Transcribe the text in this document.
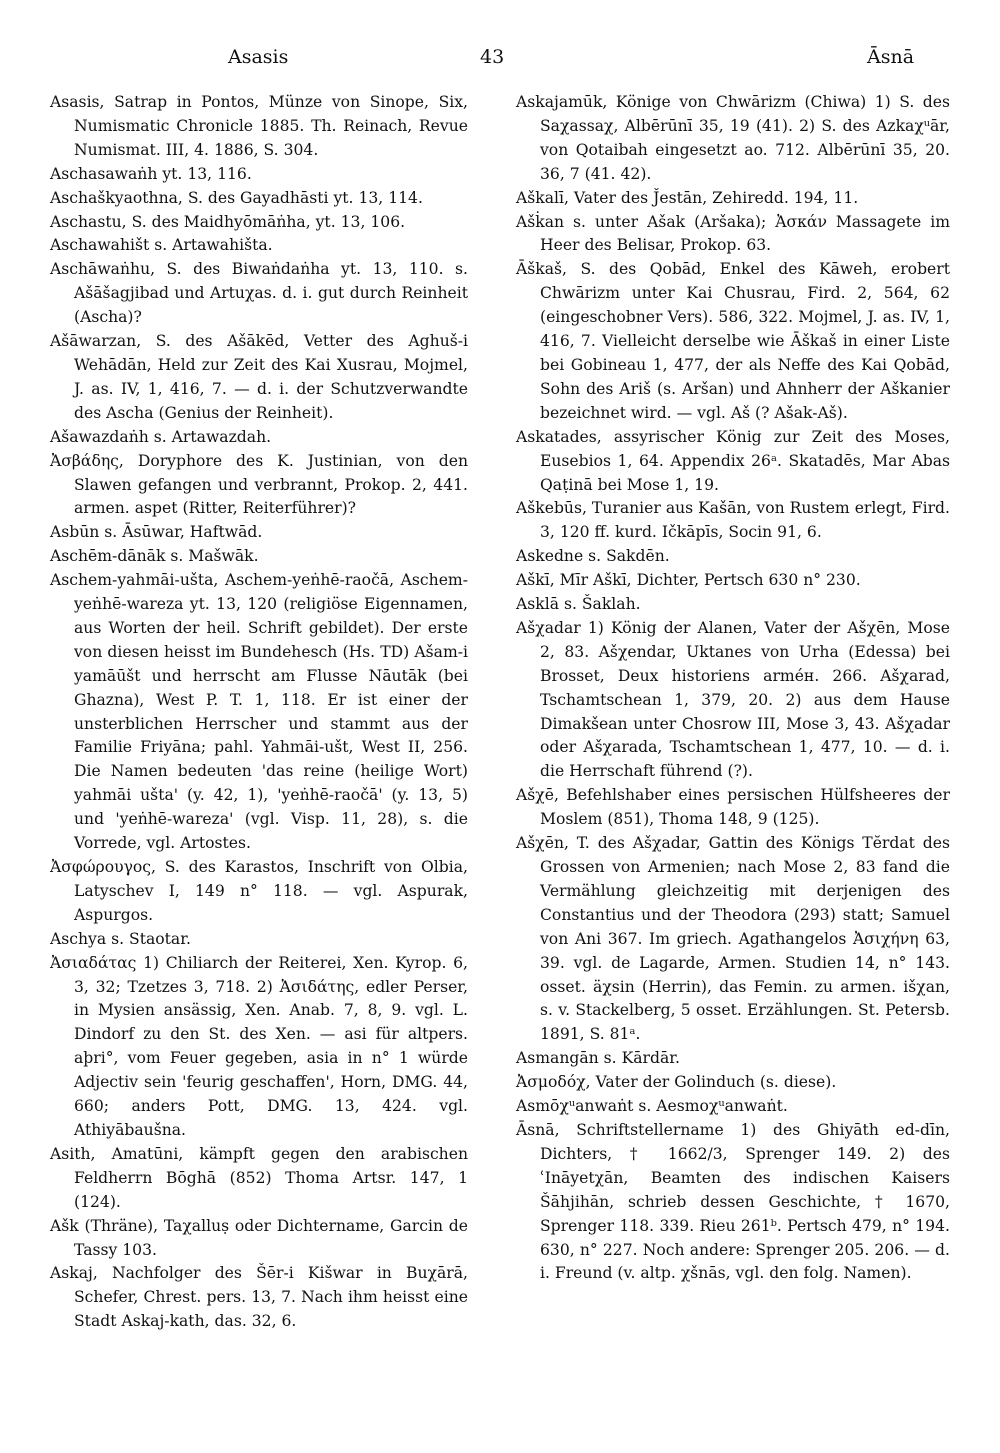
Asasis	43	Āsnā

Asasis, Satrap in Pontos, Münze von Sinope, Six, Numismatic Chronicle 1885. Th. Reinach, Revue Numismat. III, 4. 1886, S. 304.

Aschasawaṅh yt. 13, 116.

Aschaškyaothna, S. des Gayadhāsti yt. 13, 114.

Aschastu, S. des Maidhyōmāṅha, yt. 13, 106.

Aschawahišt s. Artawahišta.

Aschāwaṅhu, S. des Biwaṅdaṅha yt. 13, 110. s. Ašāšagjibad und Artuχas. d. i. gut durch Reinheit (Ascha)?

Ašāwarzan, S. des Ašākēd, Vetter des Aghuš-i Wehādān, Held zur Zeit des Kai Xusrau, Mojmel, J. as. IV, 1, 416, 7. — d. i. der Schutzverwandte des Ascha (Genius der Reinheit).

Ašawazdaṅh s. Artawazdah.

Ἀσβάδης, Doryphore des K. Justinian, von den Slawen gefangen und verbrannt, Prokop. 2, 441. armen. aspet (Ritter, Reiterführer)?

Asbūn s. Āsūwar, Haftwād.

Aschēm-dānāk s. Mašwāk.

Aschem-yahmāi-ušta, Aschem-yeṅhē-raočā, Aschem-yeṅhē-wareza yt. 13, 120 (religiöse Eigennamen, aus Worten der heil. Schrift gebildet). Der erste von diesen heisst im Bundehesch (Hs. TD) Ašam-i yamāūšt und herrscht am Flusse Nāutāk (bei Ghazna), West P. T. 1, 118. Er ist einer der unsterblichen Herrscher und stammt aus der Familie Friyāna; pahl. Yahmāi-ušt, West II, 256. Die Namen bedeuten 'das reine (heilige Wort) yahmāi ušta' (y. 42, 1), 'yeṅhē-raočā' (y. 13, 5) und 'yeṅhē-wareza' (vgl. Visp. 11, 28), s. die Vorrede, vgl. Artostes.

Ἀσφώρουγος, S. des Karastos, Inschrift von Olbia, Latyschev I, 149 n° 118. — vgl. Aspurak, Aspurgos.

Aschya s. Staotar.

Ἀσιαδάτας 1) Chiliarch der Reiterei, Xen. Kyrop. 6, 3, 32; Tzetzes 3, 718. 2) Ἀσιδάτης, edler Perser, in Mysien ansässig, Xen. Anab. 7, 8, 9. vgl. L. Dindorf zu den St. des Xen. — asi für altpers. aþri°, vom Feuer gegeben, asia in n° 1 würde Adjectiv sein 'feurig geschaffen', Horn, DMG. 44, 660; anders Pott, DMG. 13, 424. vgl. Athiyābaušna.

Asith, Amatūni, kämpft gegen den arabischen Feldherrn Bōghā (852) Thoma Artsr. 147, 1 (124).

Ašk (Thräne), Taχalluṣ oder Dichtername, Garcin de Tassy 103.

Askaj, Nachfolger des Šēr-i Kišwar in Buχārā, Schefer, Chrest. pers. 13, 7. Nach ihm heisst eine Stadt Askaj-kath, das. 32, 6.

Askajamūk, Könige von Chwārizm (Chiwa) 1) S. des Saχassaχ, Albērūnī 35, 19 (41). 2) S. des Azkaχᵘār, von Qotaibah eingesetzt ao. 712. Albērūnī 35, 20. 36, 7 (41. 42).

Aškalī, Vater des J̌estān, Zehiredd. 194, 11.

Ašk̇an s. unter Ašak (Aršaka); Ἀσκάν Massagete im Heer des Belisar, Prokop. 63.

Āškaš, S. des Qobād, Enkel des Kāweh, erobert Chwārizm unter Kai Chusrau, Fird. 2, 564, 62 (eingeschobner Vers). 586, 322. Mojmel, J. as. IV, 1, 416, 7. Vielleicht derselbe wie Āškaš in einer Liste bei Gobineau 1, 477, der als Neffe des Kai Qobād, Sohn des Ariš (s. Aršan) und Ahnherr der Aškanier bezeichnet wird. — vgl. Aš (? Ašak-Aš).

Askatades, assyrischer König zur Zeit des Moses, Eusebios 1, 64. Appendix 26ᵃ. Skatadēs, Mar Abas Qaṭinā bei Mose 1, 19.

Aškebūs, Turanier aus Kašān, von Rustem erlegt, Fird. 3, 120 ff. kurd. Ičkāpīs, Socin 91, 6.

Askedne s. Sakdēn.

Aškī, Mīr Aškī, Dichter, Pertsch 630 n° 230.

Asklā s. Šaklah.

Ašχadar 1) König der Alanen, Vater der Ašχēn, Mose 2, 83. Ašχendar, Uktanes von Urha (Edessa) bei Brosset, Deux historiens arméн. 266. Ašχarad, Tschamtschean 1, 379, 20. 2) aus dem Hause Dimakšean unter Chosrow III, Mose 3, 43. Ašχadar oder Ašχarada, Tschamtschean 1, 477, 10. — d. i. die Herrschaft führend (?).

Ašχē, Befehlshaber eines persischen Hülfsheeres der Moslem (851), Thoma 148, 9 (125).

Ašχēn, T. des Ašχadar, Gattin des Königs Tĕrdat des Grossen von Armenien; nach Mose 2, 83 fand die Vermählung gleichzeitig mit derjenigen des Constantius und der Theodora (293) statt; Samuel von Ani 367. Im griech. Agathangelos Ἀσιχήνη 63, 39. vgl. de Lagarde, Armen. Studien 14, n° 143. osset. äχsin (Herrin), das Femin. zu armen. išχan, s. v. Stackelberg, 5 osset. Erzählungen. St. Petersb. 1891, S. 81ᵃ.

Asmangān s. Kārdār.

Ἀσμοδόχ, Vater der Golinduch (s. diese).

Asmōχᵘanwaṅt s. Aesmoχᵘanwaṅt.

Āsnā, Schriftstellername 1) des Ghiyāth ed-dīn, Dichters, † 1662/3, Sprenger 149. 2) des ʿInāyetχān, Beamten des indischen Kaisers Šāhjihān, schrieb dessen Geschichte, † 1670, Sprenger 118. 339. Rieu 261ᵇ. Pertsch 479, n° 194. 630, n° 227. Noch andere: Sprenger 205. 206. — d. i. Freund (v. altp. χšnās, vgl. den folg. Namen).
